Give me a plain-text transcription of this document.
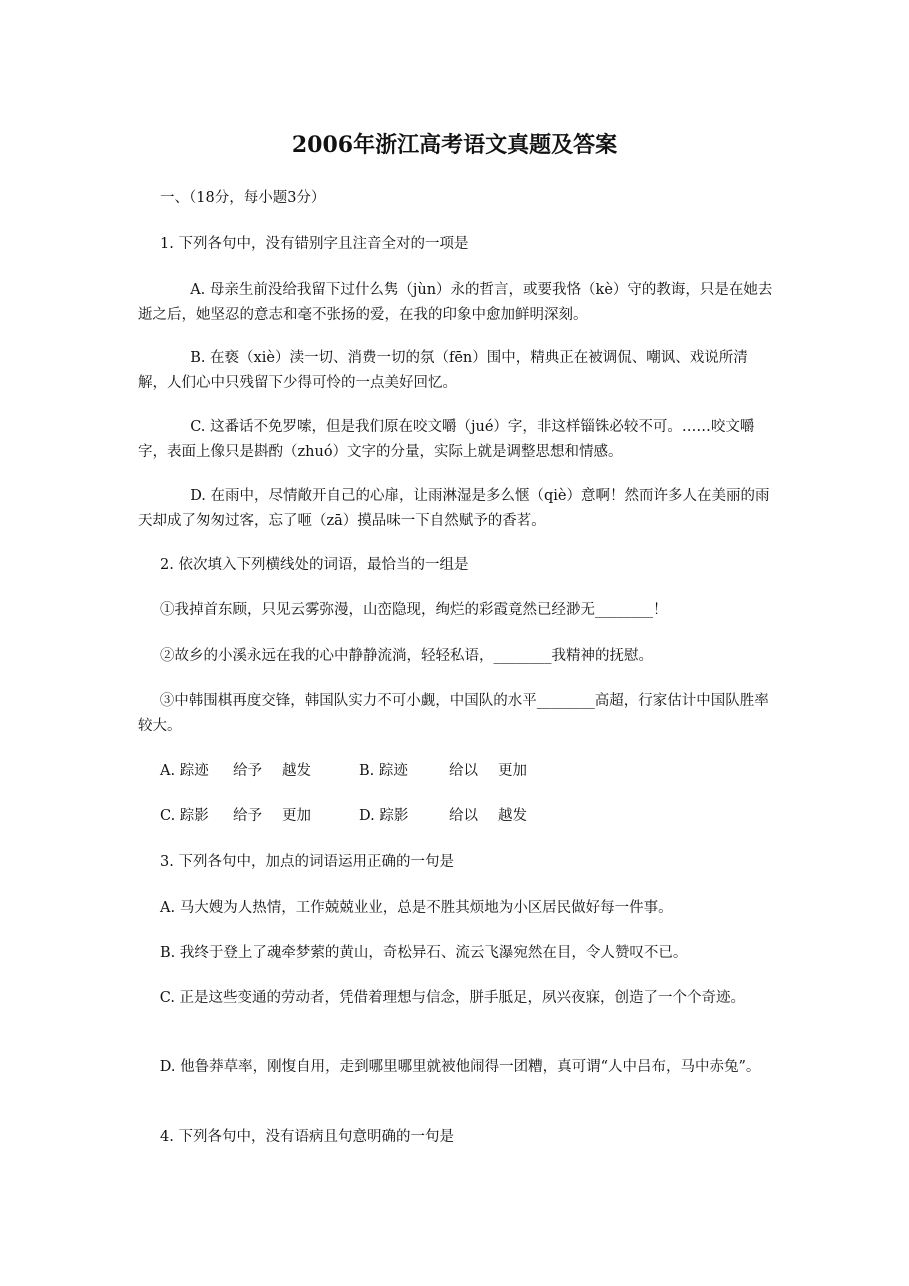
2006年浙江高考语文真题及答案
一、（18分，每小题3分）
1. 下列各句中，没有错别字且注音全对的一项是
A. 母亲生前没给我留下过什么隽（jùn）永的哲言，或要我恪（kè）守的教诲，只是在她去逝之后，她坚忍的意志和毫不张扬的爱，在我的印象中愈加鲜明深刻。
B. 在亵（xiè）渎一切、消费一切的氛（fēn）围中，精典正在被调侃、嘲讽、戏说所清解，人们心中只残留下少得可怜的一点美好回忆。
C. 这番话不免罗嗦，但是我们原在咬文嚼（jué）字，非这样锱铢必较不可。……咬文嚼字，表面上像只是斟酌（zhuó）文字的分量，实际上就是调整思想和情感。
D. 在雨中，尽情敞开自己的心扉，让雨淋湿是多么惬（qiè）意啊！然而许多人在美丽的雨天却成了匆匆过客，忘了咂（zā）摸品味一下自然赋予的香茗。
2. 依次填入下列横线处的词语，最恰当的一组是
①我掉首东顾，只见云雾弥漫，山峦隐现，绚烂的彩霞竟然已经渺无________！
②故乡的小溪永远在我的心中静静流淌，轻轻私语，________我精神的抚慰。
③中韩围棋再度交锋，韩国队实力不可小觑，中国队的水平________高超，行家估计中国队胜率较大。
A. 踪迹 给予 越发	B. 踪迹	给以 更加
C. 踪影 给予 更加	D. 踪影	给以 越发
3. 下列各句中，加点的词语运用正确的一句是
A. 马大嫂为人热情，工作兢兢业业，总是不胜其烦地为小区居民做好每一件事。
B. 我终于登上了魂牵梦萦的黄山，奇松异石、流云飞瀑宛然在目，令人赞叹不已。
C. 正是这些变通的劳动者，凭借着理想与信念，胼手胝足，夙兴夜寐，创造了一个个奇迹。
D. 他鲁莽草率，刚愎自用，走到哪里哪里就被他闹得一团糟，真可谓“人中吕布，马中赤兔”。
4. 下列各句中，没有语病且句意明确的一句是
